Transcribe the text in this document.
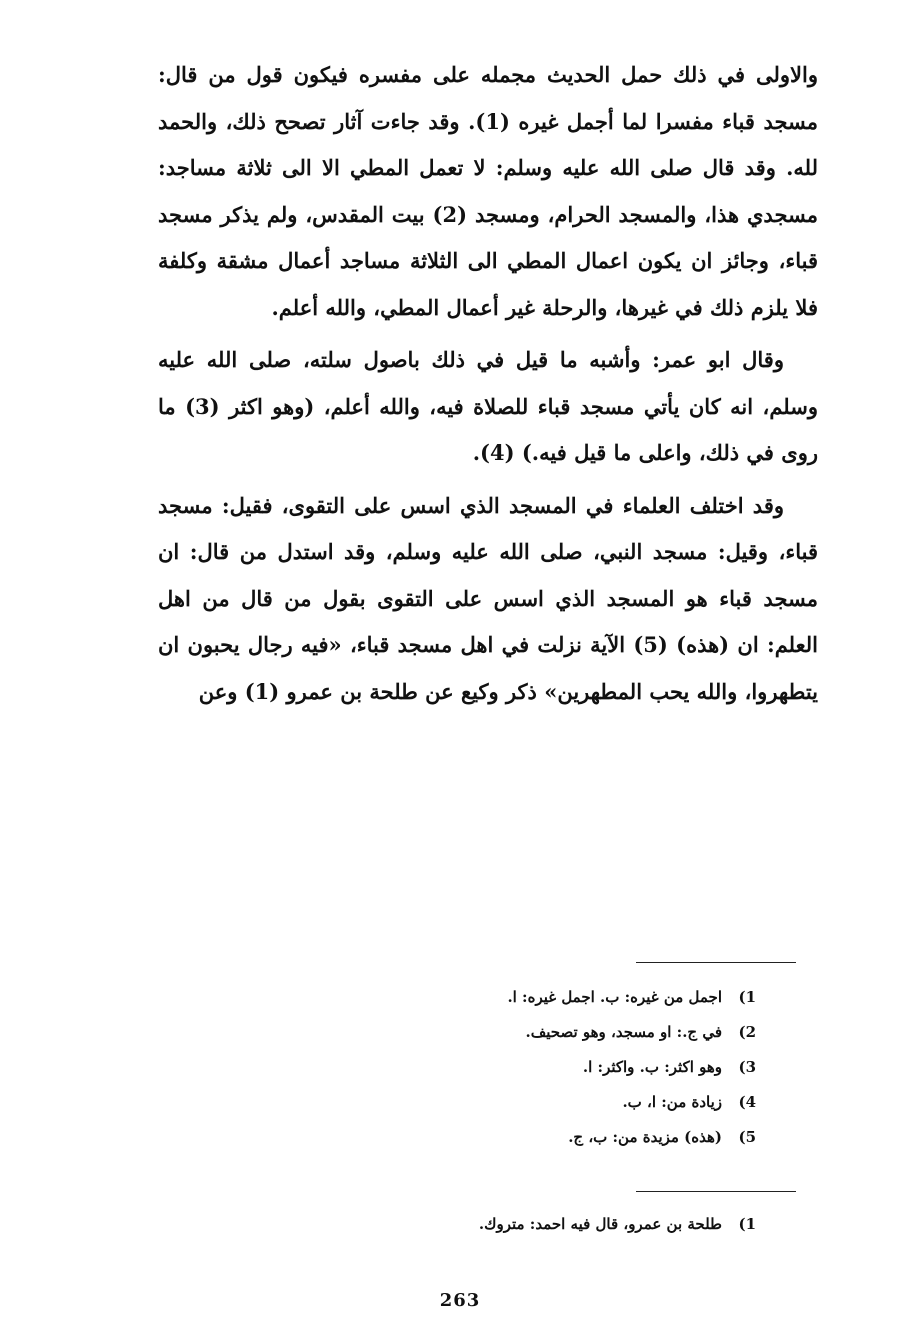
والاولى في ذلك حمل الحديث مجمله على مفسره فيكون قول من قال: مسجد قباء مفسرا لما أجمل غيره (1). وقد جاءت آثار تصحح ذلك، والحمد لله. وقد قال صلى الله عليه وسلم: لا تعمل المطي الا الى ثلاثة مساجد: مسجدي هذا، والمسجد الحرام، ومسجد (2) بيت المقدس، ولم يذكر مسجد قباء، وجائز ان يكون اعمال المطي الى الثلاثة مساجد أعمال مشقة وكلفة فلا يلزم ذلك في غيرها، والرحلة غير أعمال المطي، والله أعلم.

وقال ابو عمر: وأشبه ما قيل في ذلك باصول سلته، صلى الله عليه وسلم، انه كان يأتي مسجد قباء للصلاة فيه، والله أعلم، (وهو اكثر (3) ما روى في ذلك، واعلى ما قيل فيه.) (4).

وقد اختلف العلماء في المسجد الذي اسس على التقوى، فقيل: مسجد قباء، وقيل: مسجد النبي، صلى الله عليه وسلم، وقد استدل من قال: ان مسجد قباء هو المسجد الذي اسس على التقوى بقول من قال من اهل العلم: ان (هذه) (5) الآية نزلت في اهل مسجد قباء، «فيه رجال يحبون ان يتطهروا، والله يحب المطهرين» ذكر وكيع عن طلحة بن عمرو (1) وعن

1)اجمل من غيره: ب. اجمل غيره: ا.
2)في ج.: او مسجد، وهو تصحيف.
3)وهو اكثر: ب. واكثر: ا.
4)زيادة من: ا، ب.
5)(هذه) مزيدة من: ب، ج.
1)طلحة بن عمرو، قال فيه احمد: متروك.
263
